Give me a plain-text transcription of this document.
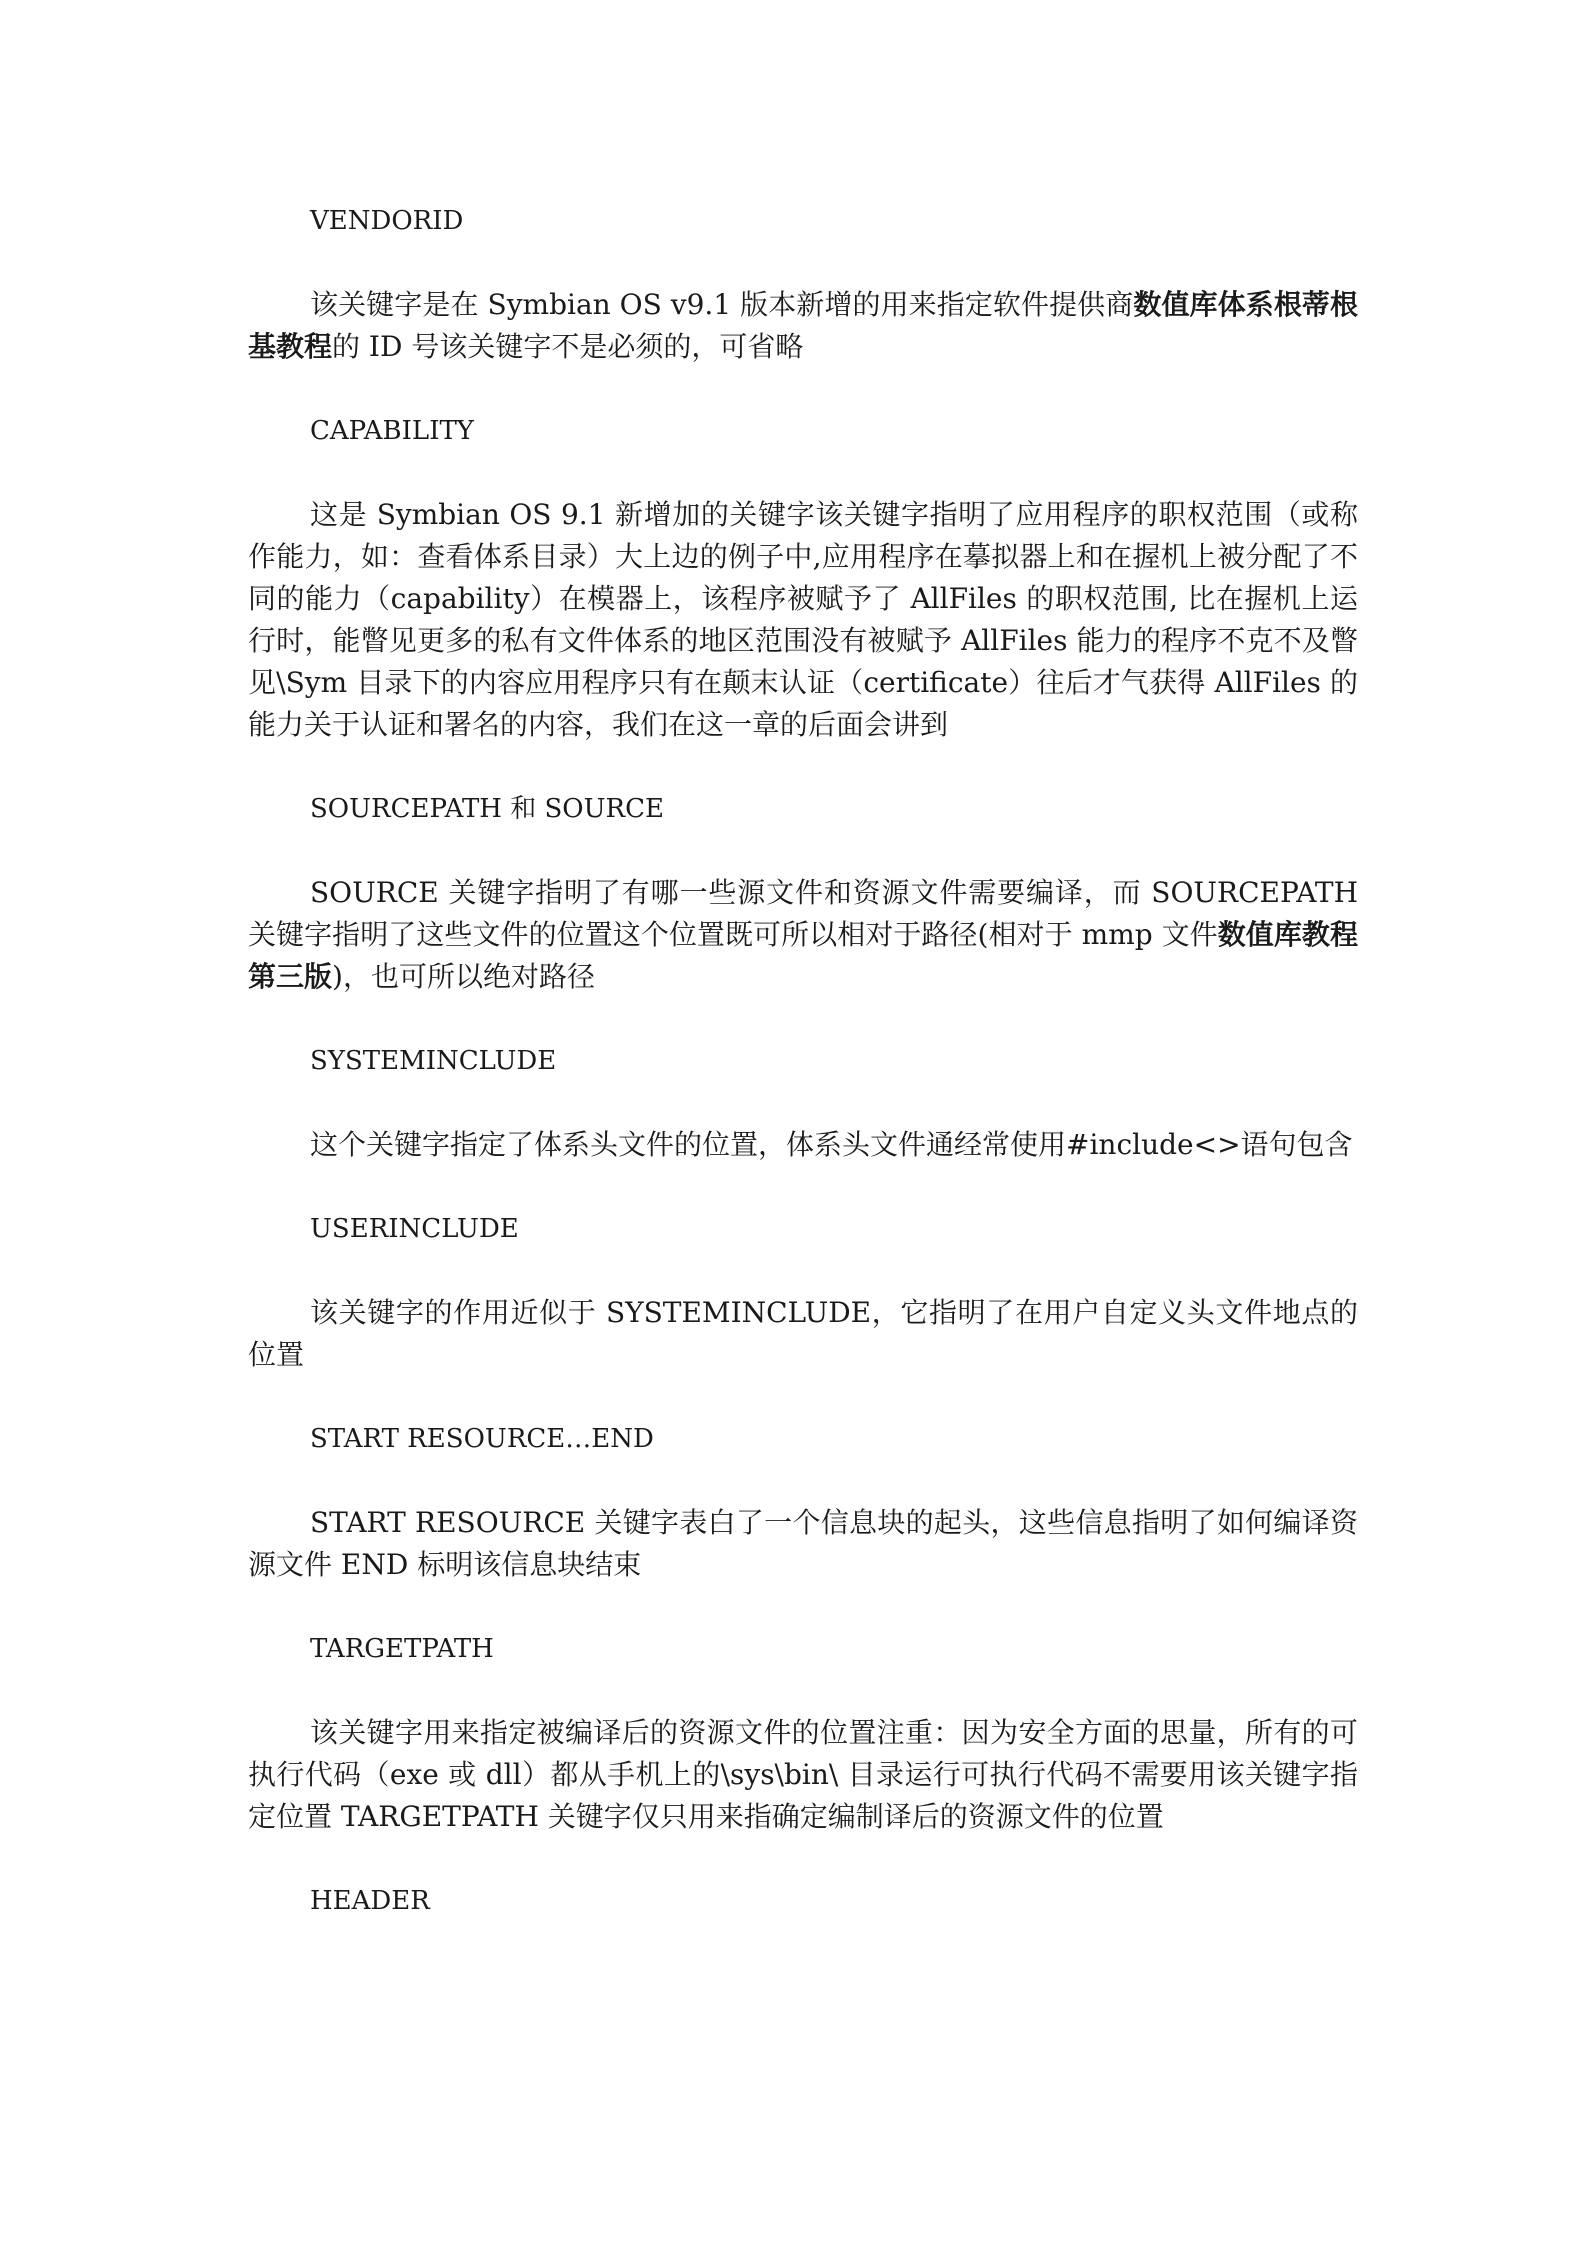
VENDORID

该关键字是在 Symbian OS v9.1 版本新增的用来指定软件提供商数值库体系根蒂根基教程的 ID 号该关键字不是必须的，可省略

CAPABILITY

这是 Symbian OS 9.1 新增加的关键字该关键字指明了应用程序的职权范围（或称作能力，如：查看体系目录）大上边的例子中,应用程序在摹拟器上和在握机上被分配了不同的能力（capability）在模器上，该程序被赋予了 AllFiles 的职权范围, 比在握机上运行时，能瞥见更多的私有文件体系的地区范围没有被赋予 AllFiles 能力的程序不克不及瞥见\Sym 目录下的内容应用程序只有在颠末认证（certificate）往后才气获得 AllFiles 的能力关于认证和署名的内容，我们在这一章的后面会讲到

SOURCEPATH 和 SOURCE

SOURCE 关键字指明了有哪一些源文件和资源文件需要编译，而 SOURCEPATH 关键字指明了这些文件的位置这个位置既可所以相对于路径(相对于 mmp 文件数值库教程第三版)，也可所以绝对路径

SYSTEMINCLUDE

这个关键字指定了体系头文件的位置，体系头文件通经常使用#include<>语句包含

USERINCLUDE

该关键字的作用近似于 SYSTEMINCLUDE，它指明了在用户自定义头文件地点的位置

START RESOURCE…END

START RESOURCE 关键字表白了一个信息块的起头，这些信息指明了如何编译资源文件 END 标明该信息块结束

TARGETPATH

该关键字用来指定被编译后的资源文件的位置注重：因为安全方面的思量，所有的可执行代码（exe 或 dll）都从手机上的\sys\bin\ 目录运行可执行代码不需要用该关键字指定位置 TARGETPATH 关键字仅只用来指确定编制译后的资源文件的位置

HEADER
